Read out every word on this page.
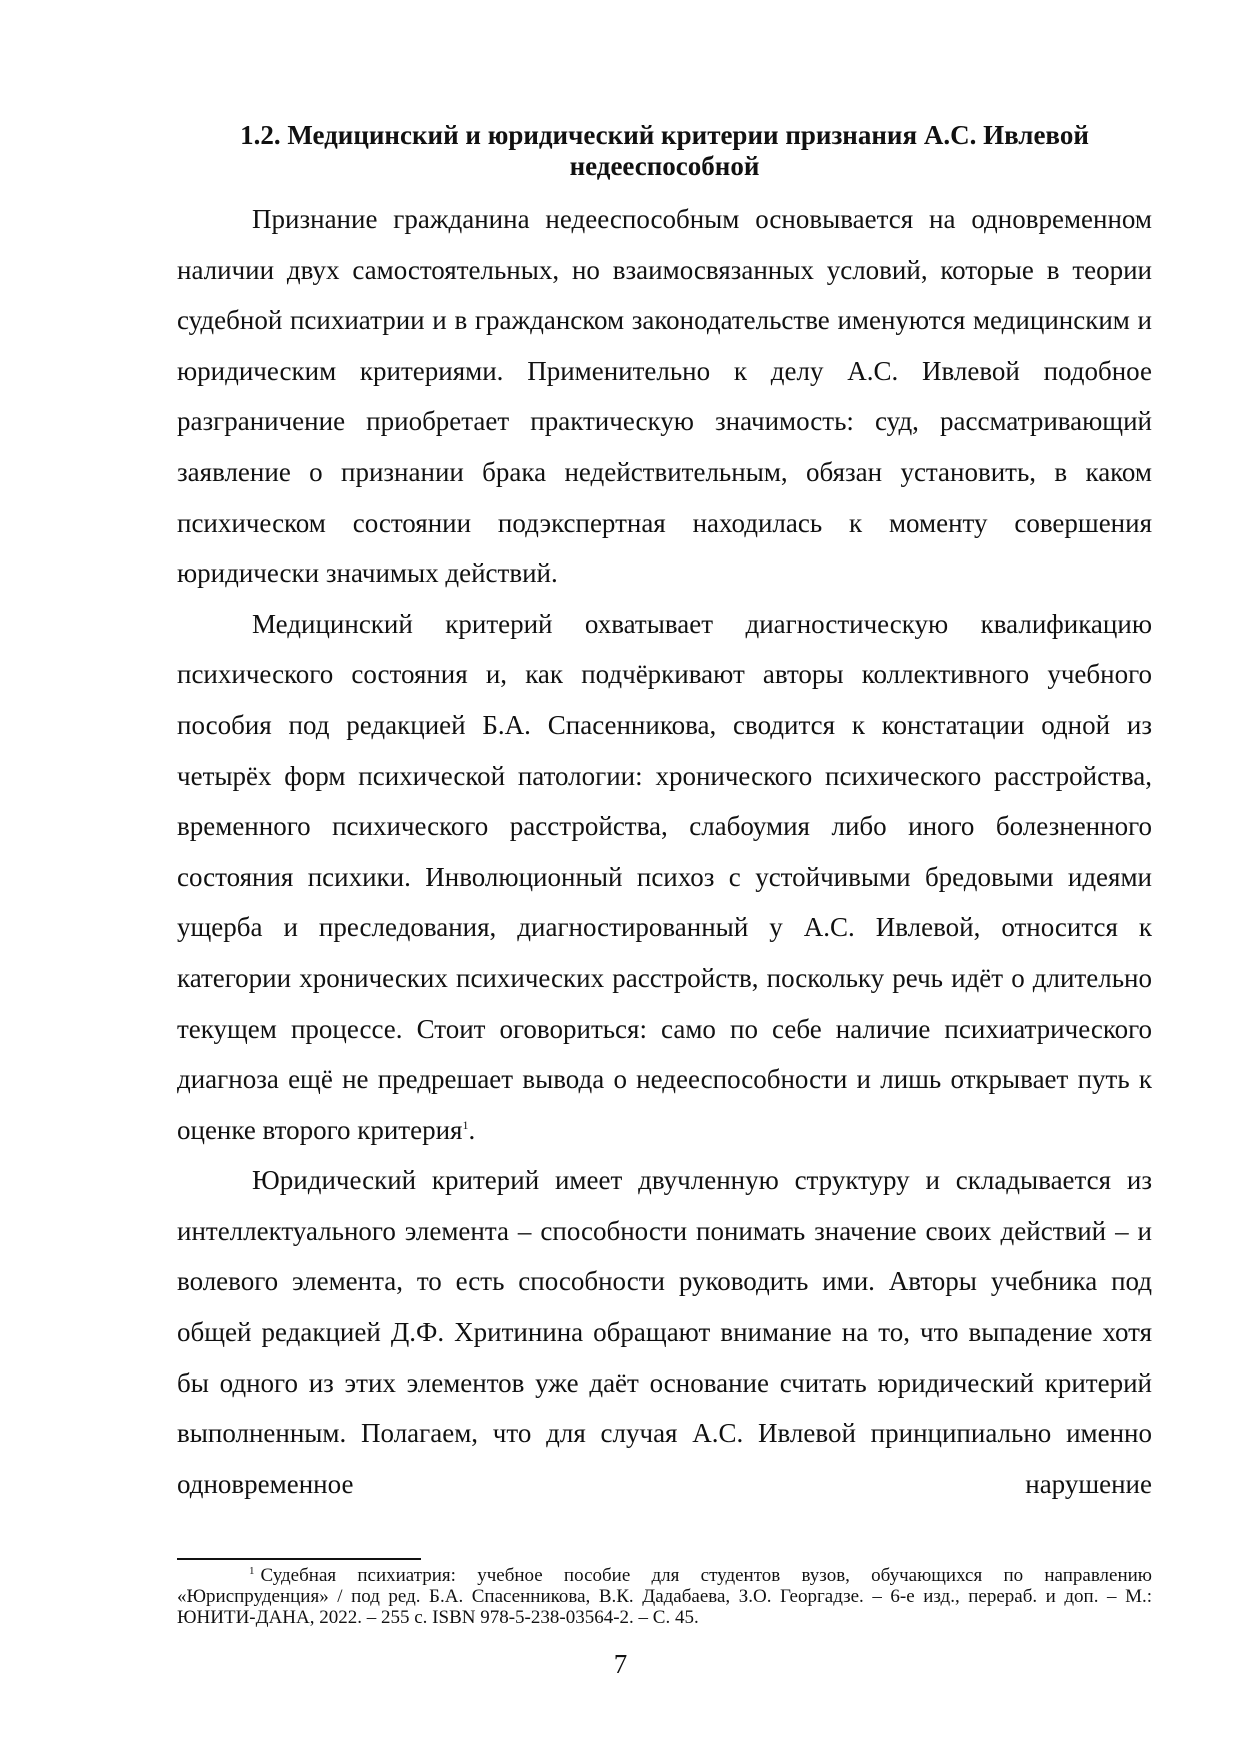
1.2. Медицинский и юридический критерии признания А.С. Ивлевой
недееспособной

Признание гражданина недееспособным основывается на одновременном наличии двух самостоятельных, но взаимосвязанных условий, которые в теории судебной психиатрии и в гражданском законодательстве именуются медицинским и юридическим критериями. Применительно к делу А.С. Ивлевой подобное разграничение приобретает практическую значимость: суд, рассматривающий заявление о признании брака недействительным, обязан установить, в каком психическом состоянии подэкспертная находилась к моменту совершения юридически значимых действий.

Медицинский критерий охватывает диагностическую квалификацию психического состояния и, как подчёркивают авторы коллективного учебного пособия под редакцией Б.А. Спасенникова, сводится к констатации одной из четырёх форм психической патологии: хронического психического расстройства, временного психического расстройства, слабоумия либо иного болезненного состояния психики. Инволюционный психоз с устойчивыми бредовыми идеями ущерба и преследования, диагностированный у А.С. Ивлевой, относится к категории хронических психических расстройств, поскольку речь идёт о длительно текущем процессе. Стоит оговориться: само по себе наличие психиатрического диагноза ещё не предрешает вывода о недееспособности и лишь открывает путь к оценке второго критерия$^1$.

Юридический критерий имеет двучленную структуру и складывается из интеллектуального элемента – способности понимать значение своих действий – и волевого элемента, то есть способности руководить ими. Авторы учебника под общей редакцией Д.Ф. Хритинина обращают внимание на то, что выпадение хотя бы одного из этих элементов уже даёт основание считать юридический критерий выполненным. Полагаем, что для случая А.С. Ивлевой принципиально именно одновременное нарушение

$^1$ Судебная психиатрия: учебное пособие для студентов вузов, обучающихся по направлению «Юриспруденция» / под ред. Б.А. Спасенникова, В.К. Дадабаева, З.О. Георгадзе. – 6-е изд., перераб. и доп. – М.: ЮНИТИ-ДАНА, 2022. – 255 с. ISBN 978-5-238-03564-2. – С. 45.

7
